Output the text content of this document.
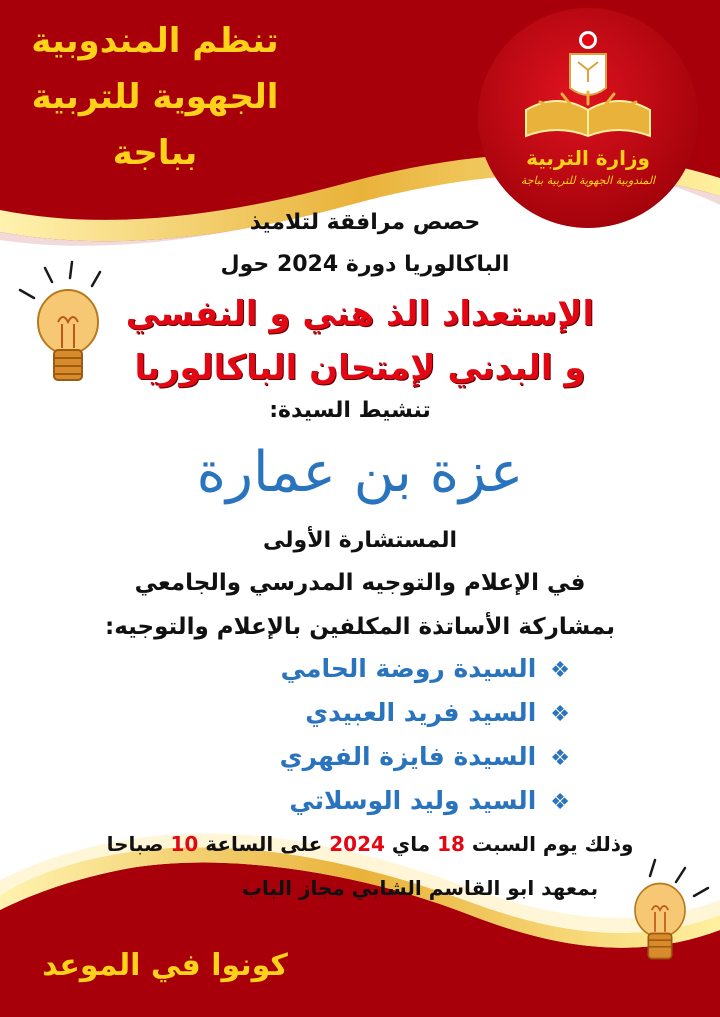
وزارة التربية
المندوبية الجهوية للتربية بباجة
تنظم المندوبية
الجهوية للتربية
بباجة
حصص مرافقة لتلاميذ
الباكالوريا دورة 2024 حول
الإستعداد الذ هني و النفسي
و البدني لإمتحان الباكالوريا
تنشيط السيدة:
عزة بن عمارة
المستشارة الأولى
في الإعلام والتوجيه المدرسي والجامعي
بمشاركة الأساتذة المكلفين بالإعلام والتوجيه:
❖السيدة روضة الحامي
❖السيد فريد العبيدي
❖السيدة فايزة الفهري
❖السيد وليد الوسلاتي
وذلك يوم السبت 18 ماي 2024 على الساعة 10 صباحا
بمعهد ابو القاسم الشابي مجاز الباب
كونوا في الموعد
